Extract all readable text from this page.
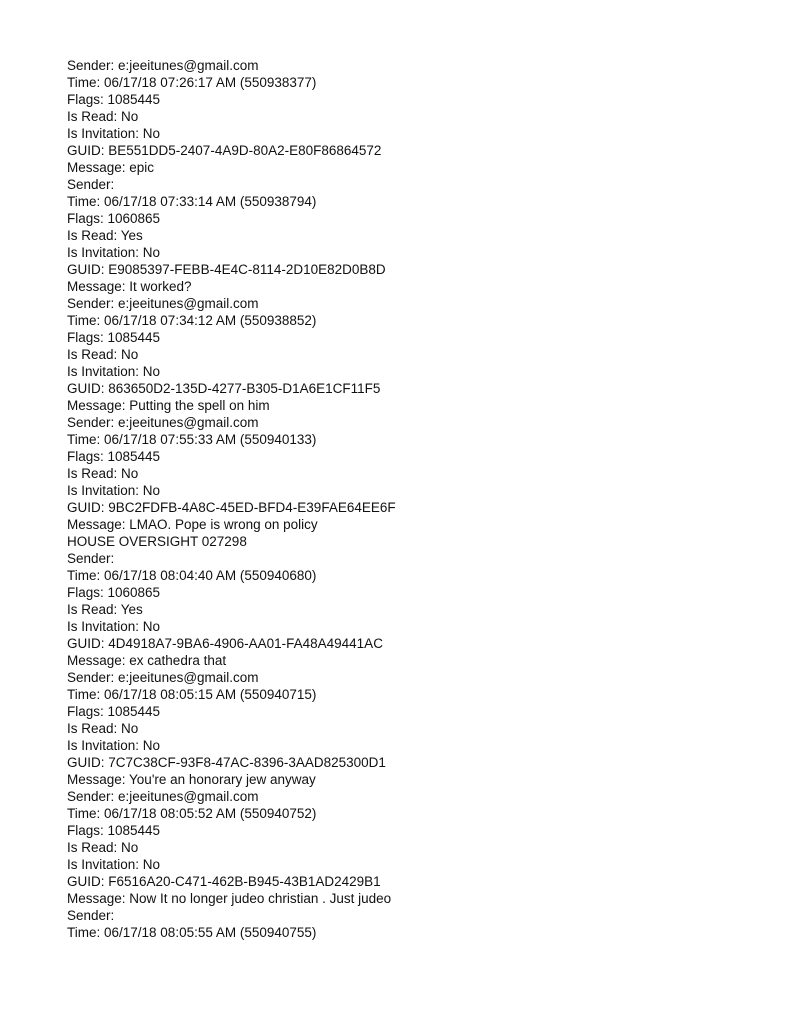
Sender: e:jeeitunes@gmail.com

Time: 06/17/18 07:26:17 AM (550938377)

Flags: 1085445

Is Read: No

Is Invitation: No

GUID: BE551DD5-2407-4A9D-80A2-E80F86864572

Message: epic

Sender:

Time: 06/17/18 07:33:14 AM (550938794)

Flags: 1060865

Is Read: Yes

Is Invitation: No

GUID: E9085397-FEBB-4E4C-8114-2D10E82D0B8D

Message: It worked?

Sender: e:jeeitunes@gmail.com

Time: 06/17/18 07:34:12 AM (550938852)

Flags: 1085445

Is Read: No

Is Invitation: No

GUID: 863650D2-135D-4277-B305-D1A6E1CF11F5

Message: Putting the spell on him

Sender: e:jeeitunes@gmail.com

Time: 06/17/18 07:55:33 AM (550940133)

Flags: 1085445

Is Read: No

Is Invitation: No

GUID: 9BC2FDFB-4A8C-45ED-BFD4-E39FAE64EE6F

Message: LMAO. Pope is wrong on policy

HOUSE OVERSIGHT 027298

Sender:

Time: 06/17/18 08:04:40 AM (550940680)

Flags: 1060865

Is Read: Yes

Is Invitation: No

GUID: 4D4918A7-9BA6-4906-AA01-FA48A49441AC

Message: ex cathedra that

Sender: e:jeeitunes@gmail.com

Time: 06/17/18 08:05:15 AM (550940715)

Flags: 1085445

Is Read: No

Is Invitation: No

GUID: 7C7C38CF-93F8-47AC-8396-3AAD825300D1

Message: You're an honorary jew anyway

Sender: e:jeeitunes@gmail.com

Time: 06/17/18 08:05:52 AM (550940752)

Flags: 1085445

Is Read: No

Is Invitation: No

GUID: F6516A20-C471-462B-B945-43B1AD2429B1

Message: Now It no longer judeo christian . Just judeo

Sender:

Time: 06/17/18 08:05:55 AM (550940755)
